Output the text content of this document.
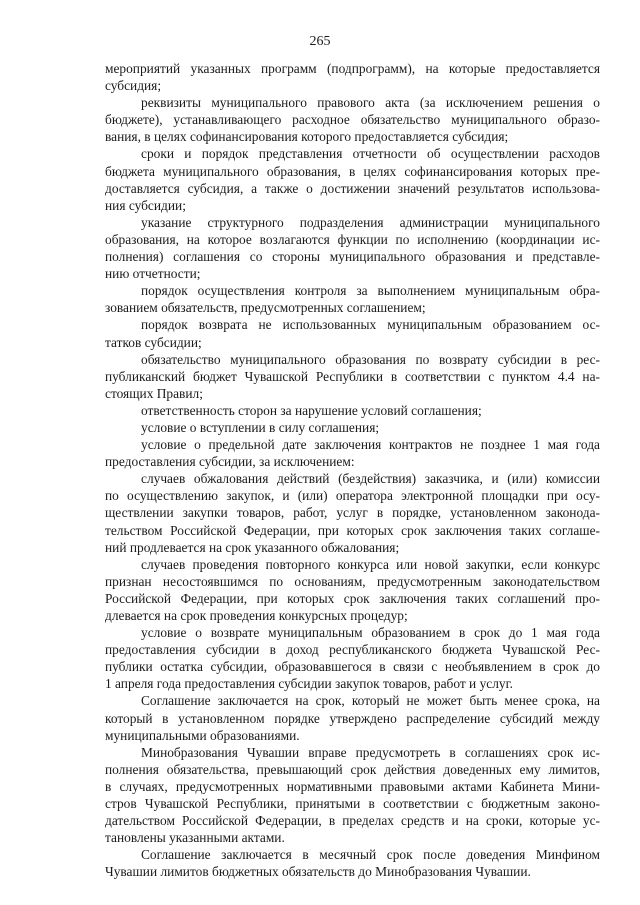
265
мероприятий указанных программ (подпрограмм), на которые предоставляется
субсидия;
реквизиты муниципального правового акта (за исключением решения о
бюджете), устанавливающего расходное обязательство муниципального образо-
вания, в целях софинансирования которого предоставляется субсидия;
сроки и порядок представления отчетности об осуществлении расходов
бюджета муниципального образования, в целях софинансирования которых пре-
доставляется субсидия, а также о достижении значений результатов использова-
ния субсидии;
указание структурного подразделения администрации муниципального
образования, на которое возлагаются функции по исполнению (координации ис-
полнения) соглашения со стороны муниципального образования и представле-
нию отчетности;
порядок осуществления контроля за выполнением муниципальным обра-
зованием обязательств, предусмотренных соглашением;
порядок возврата не использованных муниципальным образованием ос-
татков субсидии;
обязательство муниципального образования по возврату субсидии в рес-
публиканский бюджет Чувашской Республики в соответствии с пунктом 4.4 на-
стоящих Правил;
ответственность сторон за нарушение условий соглашения;
условие о вступлении в силу соглашения;
условие о предельной дате заключения контрактов не позднее 1 мая года
предоставления субсидии, за исключением:
случаев обжалования действий (бездействия) заказчика, и (или) комиссии
по осуществлению закупок, и (или) оператора электронной площадки при осу-
ществлении закупки товаров, работ, услуг в порядке, установленном законода-
тельством Российской Федерации, при которых срок заключения таких соглаше-
ний продлевается на срок указанного обжалования;
случаев проведения повторного конкурса или новой закупки, если конкурс
признан несостоявшимся по основаниям, предусмотренным законодательством
Российской Федерации, при которых срок заключения таких соглашений про-
длевается на срок проведения конкурсных процедур;
условие о возврате муниципальным образованием в срок до 1 мая года
предоставления субсидии в доход республиканского бюджета Чувашской Рес-
публики остатка субсидии, образовавшегося в связи с необъявлением в срок до
1 апреля года предоставления субсидии закупок товаров, работ и услуг.
Соглашение заключается на срок, который не может быть менее срока, на
который в установленном порядке утверждено распределение субсидий между
муниципальными образованиями.
Минобразования Чувашии вправе предусмотреть в соглашениях срок ис-
полнения обязательства, превышающий срок действия доведенных ему лимитов,
в случаях, предусмотренных нормативными правовыми актами Кабинета Мини-
стров Чувашской Республики, принятыми в соответствии с бюджетным законо-
дательством Российской Федерации, в пределах средств и на сроки, которые ус-
тановлены указанными актами.
Соглашение заключается в месячный срок после доведения Минфином
Чувашии лимитов бюджетных обязательств до Минобразования Чувашии.
